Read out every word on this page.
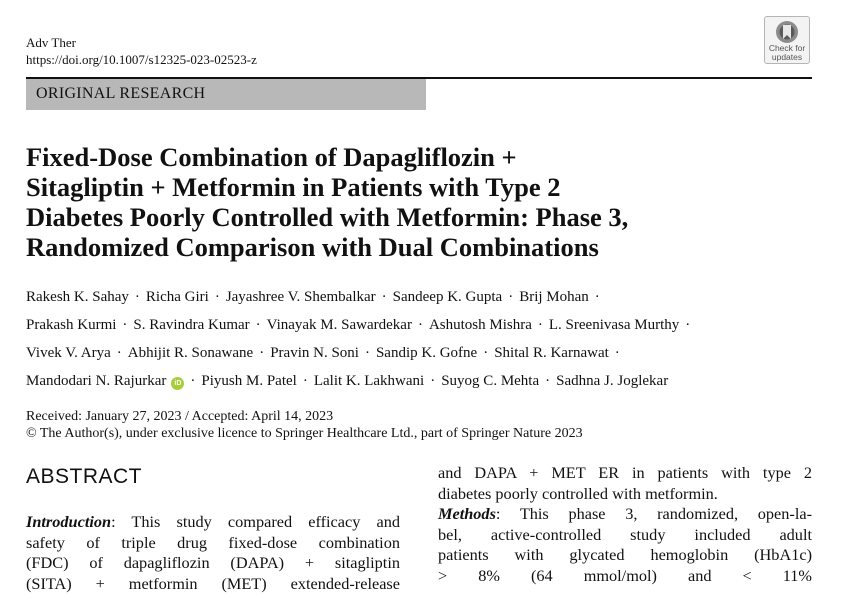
Adv Ther
https://doi.org/10.1007/s12325-023-02523-z
Check for
updates
ORIGINAL RESEARCH
Fixed-Dose Combination of Dapagliflozin +
Sitagliptin + Metformin in Patients with Type 2
Diabetes Poorly Controlled with Metformin: Phase 3,
Randomized Comparison with Dual Combinations
Rakesh K. Sahay · Richa Giri · Jayashree V. Shembalkar · Sandeep K. Gupta · Brij Mohan ·
Prakash Kurmi · S. Ravindra Kumar · Vinayak M. Sawardekar · Ashutosh Mishra · L. Sreenivasa Murthy ·
Vivek V. Arya · Abhijit R. Sonawane · Pravin N. Soni · Sandip K. Gofne · Shital R. Karnawat ·
Mandodari N. Rajurkar iD · Piyush M. Patel · Lalit K. Lakhwani · Suyog C. Mehta · Sadhna J. Joglekar
Received: January 27, 2023 / Accepted: April 14, 2023
© The Author(s), under exclusive licence to Springer Healthcare Ltd., part of Springer Nature 2023
ABSTRACT
Introduction: This study compared efficacy and
safety of triple drug fixed-dose combination
(FDC) of dapagliflozin (DAPA) + sitagliptin
(SITA) + metformin (MET) extended-release
and DAPA + MET ER in patients with type 2
diabetes poorly controlled with metformin.
Methods: This phase 3, randomized, open-la-
bel, active-controlled study included adult
patients with glycated hemoglobin (HbA1c)
> 8% (64 mmol/mol) and < 11%
